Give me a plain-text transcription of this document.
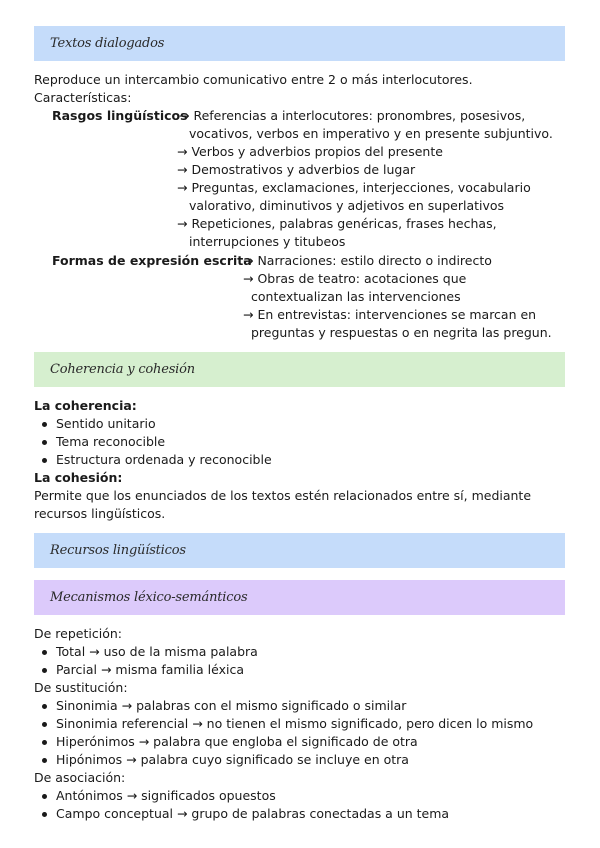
Textos dialogados
Reproduce un intercambio comunicativo entre 2 o más interlocutores.
Características:
Rasgos lingüísticos
→ Referencias a interlocutores: pronombres, posesivos,
vocativos, verbos en imperativo y en presente subjuntivo.
→ Verbos y adverbios propios del presente
→ Demostrativos y adverbios de lugar
→ Preguntas, exclamaciones, interjecciones, vocabulario
valorativo, diminutivos y adjetivos en superlativos
→ Repeticiones, palabras genéricas, frases hechas,
interrupciones y titubeos
Formas de expresión escrita
→ Narraciones: estilo directo o indirecto
→ Obras de teatro: acotaciones que
contextualizan las intervenciones
→ En entrevistas: intervenciones se marcan en
preguntas y respuestas o en negrita las pregun.
Coherencia y cohesión
La coherencia:
Sentido unitario
Tema reconocible
Estructura ordenada y reconocible
La cohesión:
Permite que los enunciados de los textos estén relacionados entre sí, mediante
recursos lingüísticos.
Recursos lingüísticos
Mecanismos léxico-semánticos
De repetición:
Total → uso de la misma palabra
Parcial → misma familia léxica
De sustitución:
Sinonimia → palabras con el mismo significado o similar
Sinonimia referencial → no tienen el mismo significado, pero dicen lo mismo
Hiperónimos → palabra que engloba el significado de otra
Hipónimos → palabra cuyo significado se incluye en otra
De asociación:
Antónimos → significados opuestos
Campo conceptual → grupo de palabras conectadas a un tema
